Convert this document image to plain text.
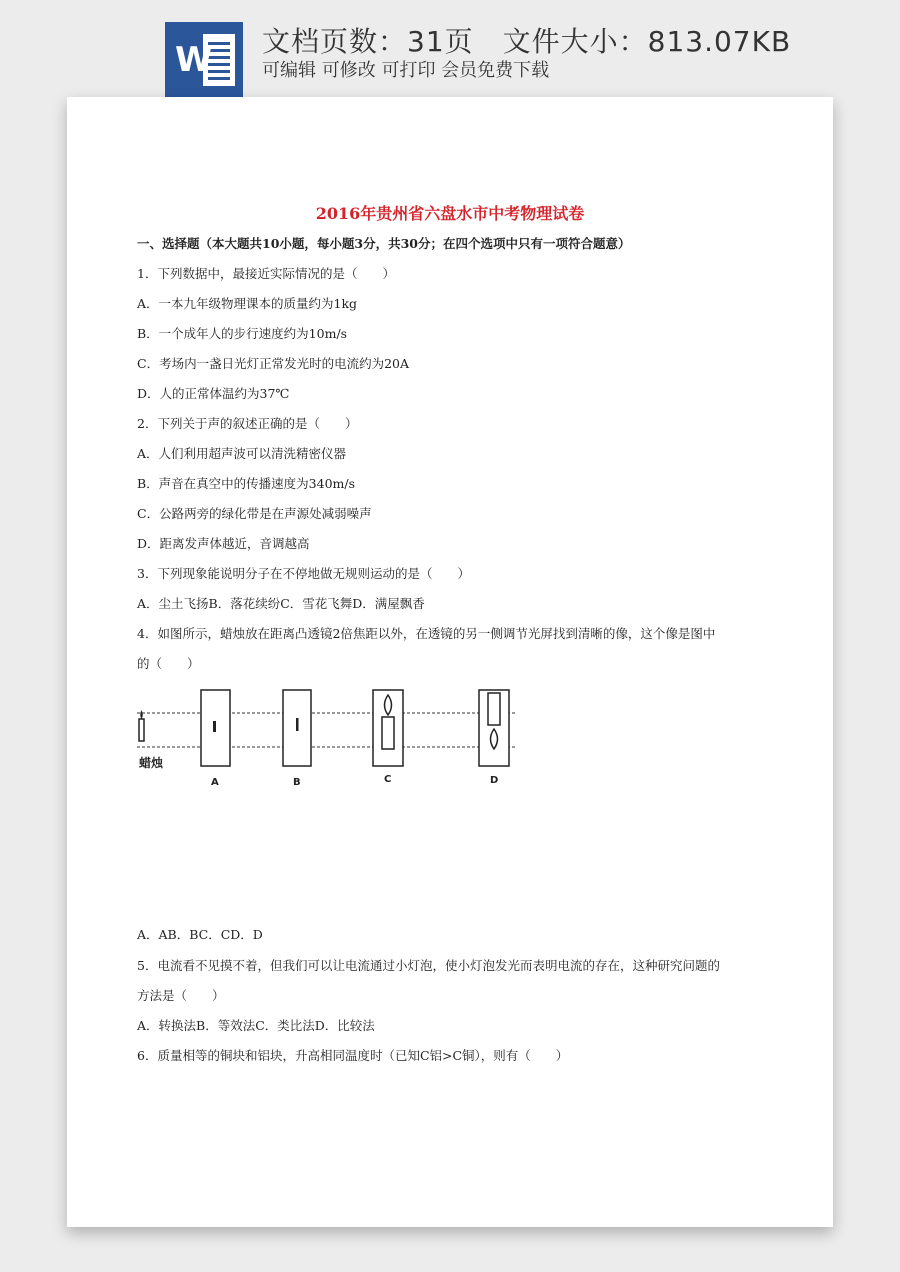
W 文档页数：31页　文件大小：813.07KB
可编辑 可修改 可打印 会员免费下载
2016年贵州省六盘水市中考物理试卷
一、选择题（本大题共10小题，每小题3分，共30分；在四个选项中只有一项符合题意）
1．下列数据中，最接近实际情况的是（　　）
A．一本九年级物理课本的质量约为1kg
B．一个成年人的步行速度约为10m/s
C．考场内一盏日光灯正常发光时的电流约为20A
D．人的正常体温约为37℃
2．下列关于声的叙述正确的是（　　）
A．人们利用超声波可以清洗精密仪器
B．声音在真空中的传播速度为340m/s
C．公路两旁的绿化带是在声源处减弱噪声
D．距离发声体越近，音调越高
3．下列现象能说明分子在不停地做无规则运动的是（　　）
A．尘土飞扬B．落花续纷C．雪花飞舞D．满屋飘香
4．如图所示，蜡烛放在距离凸透镜2倍焦距以外，在透镜的另一侧调节光屏找到清晰的像，这个像是图中
的（　　）
蜡烛
A	B	C	D
A．AB．BC．CD．D
5．电流看不见摸不着，但我们可以让电流通过小灯泡，使小灯泡发光而表明电流的存在，这种研究问题的
方法是（　　）
A．转换法B．等效法C．类比法D．比较法
6．质量相等的铜块和铝块，升高相同温度时（已知C铝>C铜），则有（　　）
